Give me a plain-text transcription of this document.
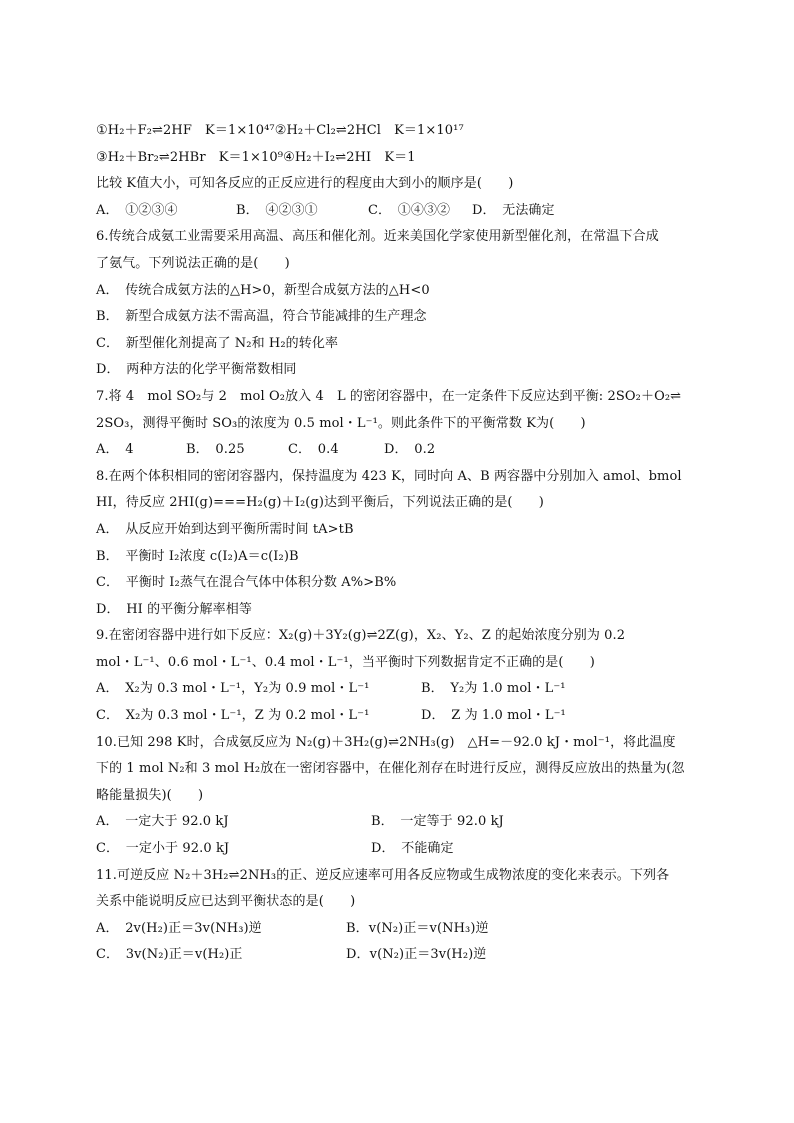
①H₂＋F₂⇌2HF　K＝1×10⁴⁷②H₂＋Cl₂⇌2HCl　K＝1×10¹⁷
③H₂＋Br₂⇌2HBr　K＝1×10⁹④H₂＋I₂⇌2HI　K＝1
比较 K值大小，可知各反应的正反应进行的程度由大到小的顺序是(　　)
A．　①②③④	B．　④②③①	C．　①④③②	D．　无法确定
6.传统合成氨工业需要采用高温、高压和催化剂。近来美国化学家使用新型催化剂，在常温下合成
了氨气。下列说法正确的是(　　)
A．　传统合成氨方法的△H>0，新型合成氨方法的△H<0
B．　新型合成氨方法不需高温，符合节能减排的生产理念
C．　新型催化剂提高了 N₂和 H₂的转化率
D．　两种方法的化学平衡常数相同
7.将 4　mol SO₂与 2　mol O₂放入 4　L 的密闭容器中，在一定条件下反应达到平衡: 2SO₂＋O₂⇌
2SO₃，测得平衡时 SO₃的浓度为 0.5 mol・L⁻¹。则此条件下的平衡常数 K为(　　)
A．　4	B．　0.25	C．　0.4	D．　0.2
8.在两个体积相同的密闭容器内，保持温度为 423 K，同时向 A、B 两容器中分别加入 amol、bmol
HI，待反应 2HI(g)===H₂(g)＋I₂(g)达到平衡后，下列说法正确的是(　　)
A．　从反应开始到达到平衡所需时间 tA>tB
B．　平衡时 I₂浓度 c(I₂)A＝c(I₂)B
C．　平衡时 I₂蒸气在混合气体中体积分数 A%>B%
D．　HI 的平衡分解率相等
9.在密闭容器中进行如下反应：X₂(g)＋3Y₂(g)⇌2Z(g)，X₂、Y₂、Z 的起始浓度分别为 0.2
mol・L⁻¹、0.6 mol・L⁻¹、0.4 mol・L⁻¹，当平衡时下列数据肯定不正确的是(　　)
A．　X₂为 0.3 mol・L⁻¹，Y₂为 0.9 mol・L⁻¹	B．　Y₂为 1.0 mol・L⁻¹
C．　X₂为 0.3 mol・L⁻¹，Z 为 0.2 mol・L⁻¹	D．　Z 为 1.0 mol・L⁻¹
10.已知 298 K时，合成氨反应为 N₂(g)＋3H₂(g)⇌2NH₃(g)　△H=－92.0 kJ・mol⁻¹，将此温度
下的 1 mol N₂和 3 mol H₂放在一密闭容器中，在催化剂存在时进行反应，测得反应放出的热量为(忽
略能量损失)(　　)
A．　一定大于 92.0 kJ	B．　一定等于 92.0 kJ
C．　一定小于 92.0 kJ	D．　不能确定
11.可逆反应 N₂＋3H₂⇌2NH₃的正、逆反应速率可用各反应物或生成物浓度的变化来表示。下列各
关系中能说明反应已达到平衡状态的是(　　)
A．　2v(H₂)正＝3v(NH₃)逆	B．v(N₂)正＝v(NH₃)逆
C．　3v(N₂)正＝v(H₂)正	D．v(N₂)正＝3v(H₂)逆
